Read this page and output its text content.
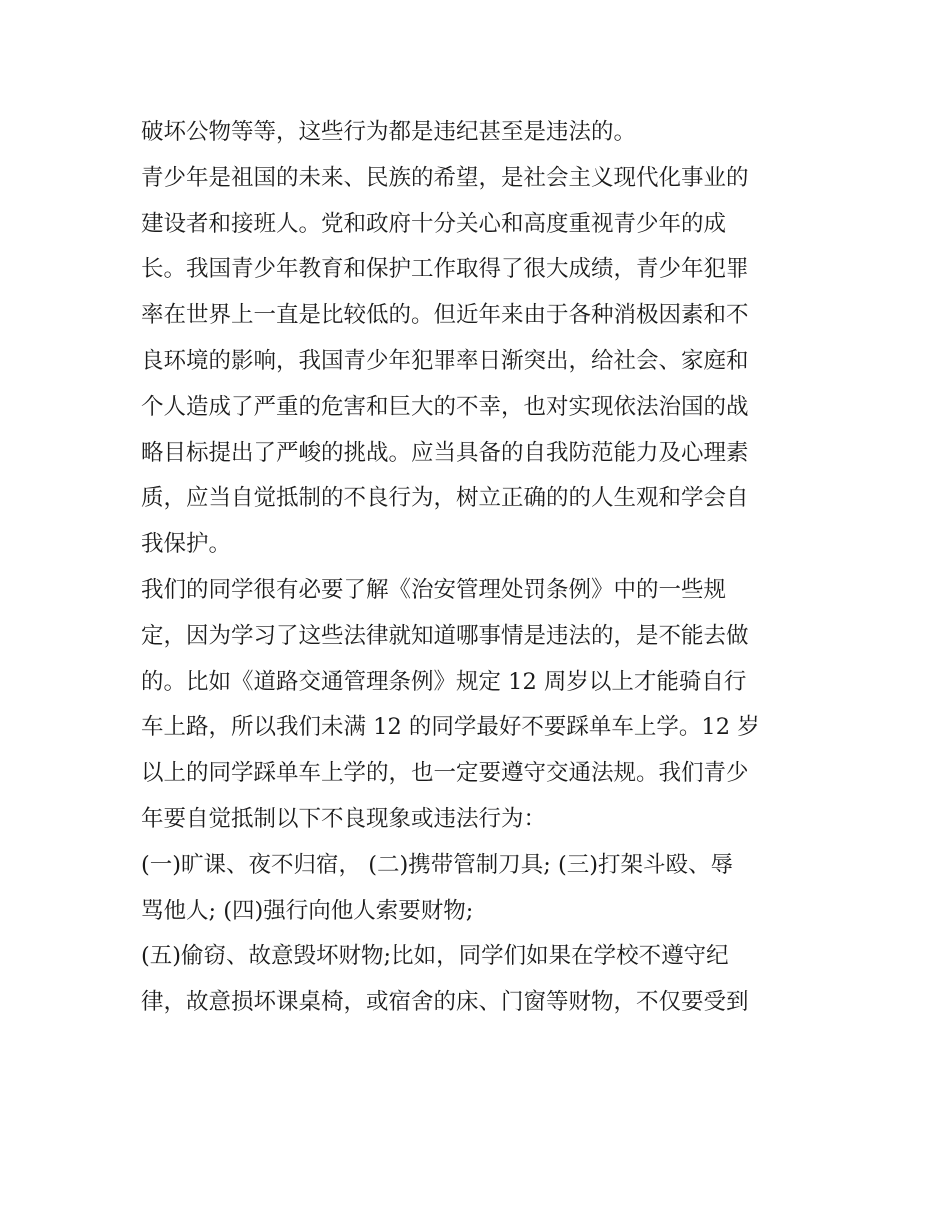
破坏公物等等，这些行为都是违纪甚至是违法的。
青少年是祖国的未来、民族的希望，是社会主义现代化事业的
建设者和接班人。党和政府十分关心和高度重视青少年的成
长。我国青少年教育和保护工作取得了很大成绩，青少年犯罪
率在世界上一直是比较低的。但近年来由于各种消极因素和不
良环境的影响，我国青少年犯罪率日渐突出，给社会、家庭和
个人造成了严重的危害和巨大的不幸，也对实现依法治国的战
略目标提出了严峻的挑战。应当具备的自我防范能力及心理素
质，应当自觉抵制的不良行为，树立正确的的人生观和学会自
我保护。
我们的同学很有必要了解《治安管理处罚条例》中的一些规
定，因为学习了这些法律就知道哪事情是违法的，是不能去做
的。比如《道路交通管理条例》规定 12 周岁以上才能骑自行
车上路，所以我们未满 12 的同学最好不要踩单车上学。12 岁
以上的同学踩单车上学的，也一定要遵守交通法规。我们青少
年要自觉抵制以下不良现象或违法行为：
(一)旷课、夜不归宿， (二)携带管制刀具; (三)打架斗殴、辱
骂他人; (四)强行向他人索要财物;
(五)偷窃、故意毁坏财物;比如，同学们如果在学校不遵守纪
律，故意损坏课桌椅，或宿舍的床、门窗等财物，不仅要受到
